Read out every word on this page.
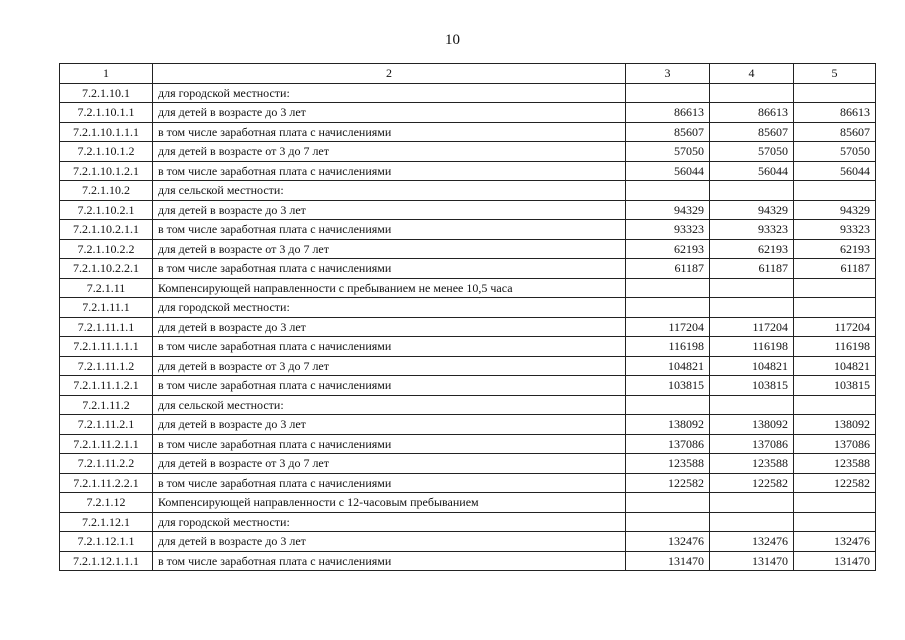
10
1	2	3	4	5
7.2.1.10.1	для городской местности:			
7.2.1.10.1.1	для детей в возрасте до 3 лет	86613	86613	86613
7.2.1.10.1.1.1	в том числе заработная плата с начислениями	85607	85607	85607
7.2.1.10.1.2	для детей в возрасте от 3 до 7 лет	57050	57050	57050
7.2.1.10.1.2.1	в том числе заработная плата с начислениями	56044	56044	56044
7.2.1.10.2	для сельской местности:			
7.2.1.10.2.1	для детей в возрасте до 3 лет	94329	94329	94329
7.2.1.10.2.1.1	в том числе заработная плата с начислениями	93323	93323	93323
7.2.1.10.2.2	для детей в возрасте от 3 до 7 лет	62193	62193	62193
7.2.1.10.2.2.1	в том числе заработная плата с начислениями	61187	61187	61187
7.2.1.11	Компенсирующей направленности с пребыванием не менее 10,5 часа			
7.2.1.11.1	для городской местности:			
7.2.1.11.1.1	для детей в возрасте до 3 лет	117204	117204	117204
7.2.1.11.1.1.1	в том числе заработная плата с начислениями	116198	116198	116198
7.2.1.11.1.2	для детей в возрасте от 3 до 7 лет	104821	104821	104821
7.2.1.11.1.2.1	в том числе заработная плата с начислениями	103815	103815	103815
7.2.1.11.2	для сельской местности:			
7.2.1.11.2.1	для детей в возрасте до 3 лет	138092	138092	138092
7.2.1.11.2.1.1	в том числе заработная плата с начислениями	137086	137086	137086
7.2.1.11.2.2	для детей в возрасте от 3 до 7 лет	123588	123588	123588
7.2.1.11.2.2.1	в том числе заработная плата с начислениями	122582	122582	122582
7.2.1.12	Компенсирующей направленности с 12-часовым пребыванием			
7.2.1.12.1	для городской местности:			
7.2.1.12.1.1	для детей в возрасте до 3 лет	132476	132476	132476
7.2.1.12.1.1.1	в том числе заработная плата с начислениями	131470	131470	131470
